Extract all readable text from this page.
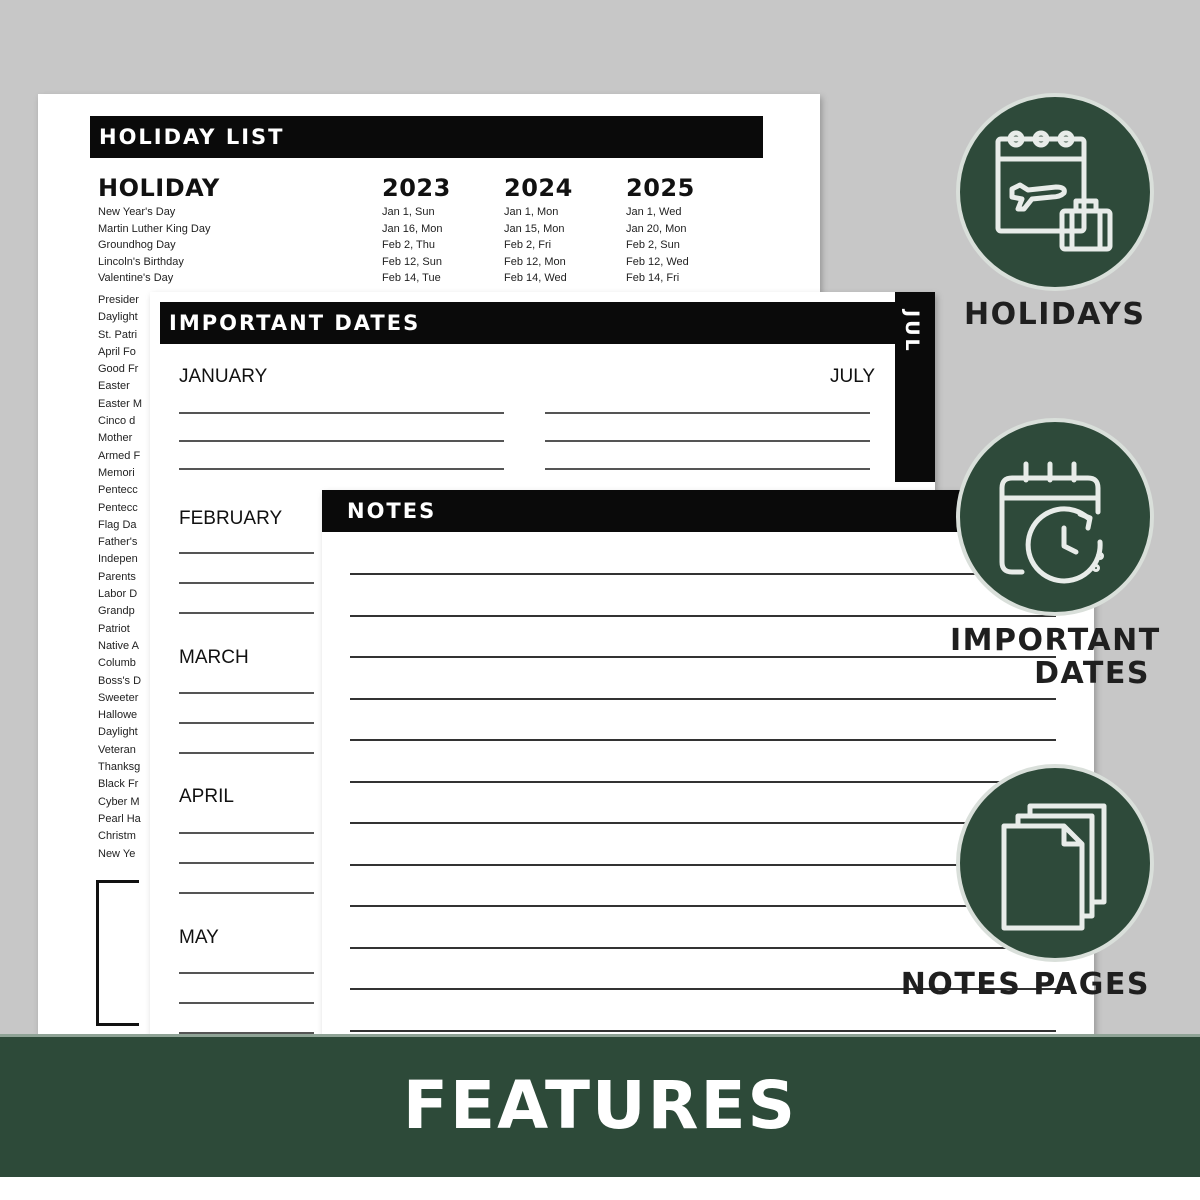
HOLIDAY LIST
HOLIDAY	2023 2024 2025
New Year's Day
Martin Luther King Day
Groundhog Day
Lincoln's Birthday
Valentine's Day
Jan 1, Sun
Jan 16, Mon
Feb 2, Thu
Feb 12, Sun
Feb 14, Tue
Jan 1, Mon
Jan 15, Mon
Feb 2, Fri
Feb 12, Mon
Feb 14, Wed
Jan 1, Wed
Jan 20, Mon
Feb 2, Sun
Feb 12, Wed
Feb 14, Fri
Presider
Daylight
St. Patri
April Fo
Good Fr
Easter
Easter M
Cinco d
Mother
Armed F
Memori
Pentecc
Pentecc
Flag Da
Father's
Indepen
Parents
Labor D
Grandp
Patriot
Native A
Columb
Boss's D
Sweeter
Hallowe
Daylight
Veteran
Thanksg
Black Fr
Cyber M
Pearl Ha
Christm
New Ye
IMPORTANT DATES	JUL
JANUARY
FEBRUARY
MARCH
APRIL
MAY
JULY
NOTES
HOLIDAYS
IMPORTANT
DATES
NOTES PAGES
FEATURES
